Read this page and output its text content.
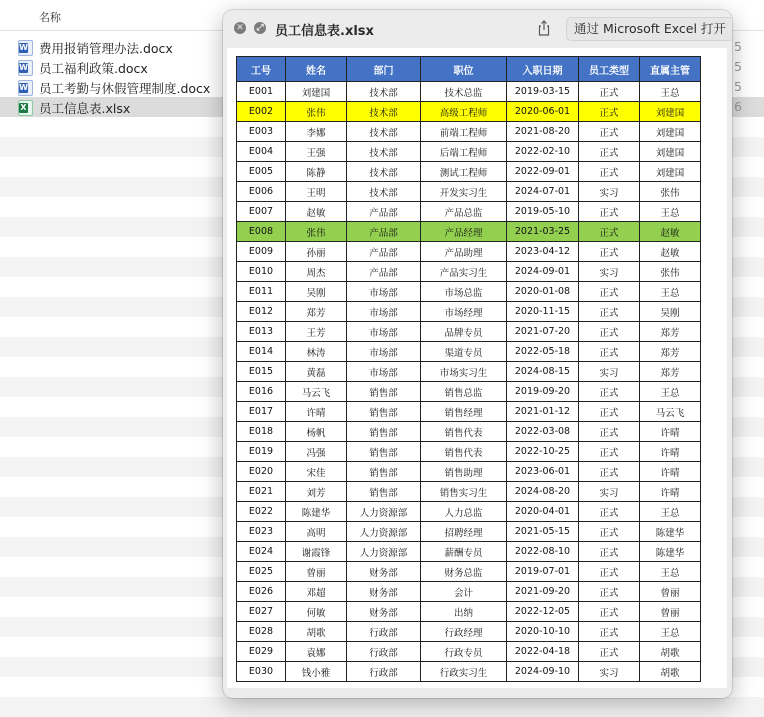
名称
W 费用报销管理办法.docx	5
W 员工福利政策.docx	5
W 员工考勤与休假管理制度.docx	5
X 员工信息表.xlsx	6
✕ ⤢ 员工信息表.xlsx	通过 Microsoft Excel 打开
工号	姓名	部门	职位	入职日期	员工类型	直属主管
E001	刘建国	技术部	技术总监	2019-03-15	正式	王总
E002	张伟	技术部	高级工程师	2020-06-01	正式	刘建国
E003	李娜	技术部	前端工程师	2021-08-20	正式	刘建国
E004	王强	技术部	后端工程师	2022-02-10	正式	刘建国
E005	陈静	技术部	测试工程师	2022-09-01	正式	刘建国
E006	王明	技术部	开发实习生	2024-07-01	实习	张伟
E007	赵敏	产品部	产品总监	2019-05-10	正式	王总
E008	张伟	产品部	产品经理	2021-03-25	正式	赵敏
E009	孙丽	产品部	产品助理	2023-04-12	正式	赵敏
E010	周杰	产品部	产品实习生	2024-09-01	实习	张伟
E011	吴刚	市场部	市场总监	2020-01-08	正式	王总
E012	郑芳	市场部	市场经理	2020-11-15	正式	吴刚
E013	王芳	市场部	品牌专员	2021-07-20	正式	郑芳
E014	林涛	市场部	渠道专员	2022-05-18	正式	郑芳
E015	黄磊	市场部	市场实习生	2024-08-15	实习	郑芳
E016	马云飞	销售部	销售总监	2019-09-20	正式	王总
E017	许晴	销售部	销售经理	2021-01-12	正式	马云飞
E018	杨帆	销售部	销售代表	2022-03-08	正式	许晴
E019	冯强	销售部	销售代表	2022-10-25	正式	许晴
E020	宋佳	销售部	销售助理	2023-06-01	正式	许晴
E021	刘芳	销售部	销售实习生	2024-08-20	实习	许晴
E022	陈建华	人力资源部	人力总监	2020-04-01	正式	王总
E023	高明	人力资源部	招聘经理	2021-05-15	正式	陈建华
E024	谢霞锋	人力资源部	薪酬专员	2022-08-10	正式	陈建华
E025	曾丽	财务部	财务总监	2019-07-01	正式	王总
E026	邓超	财务部	会计	2021-09-20	正式	曾丽
E027	何敏	财务部	出纳	2022-12-05	正式	曾丽
E028	胡歌	行政部	行政经理	2020-10-10	正式	王总
E029	袁娜	行政部	行政专员	2022-04-18	正式	胡歌
E030	钱小雅	行政部	行政实习生	2024-09-10	实习	胡歌
